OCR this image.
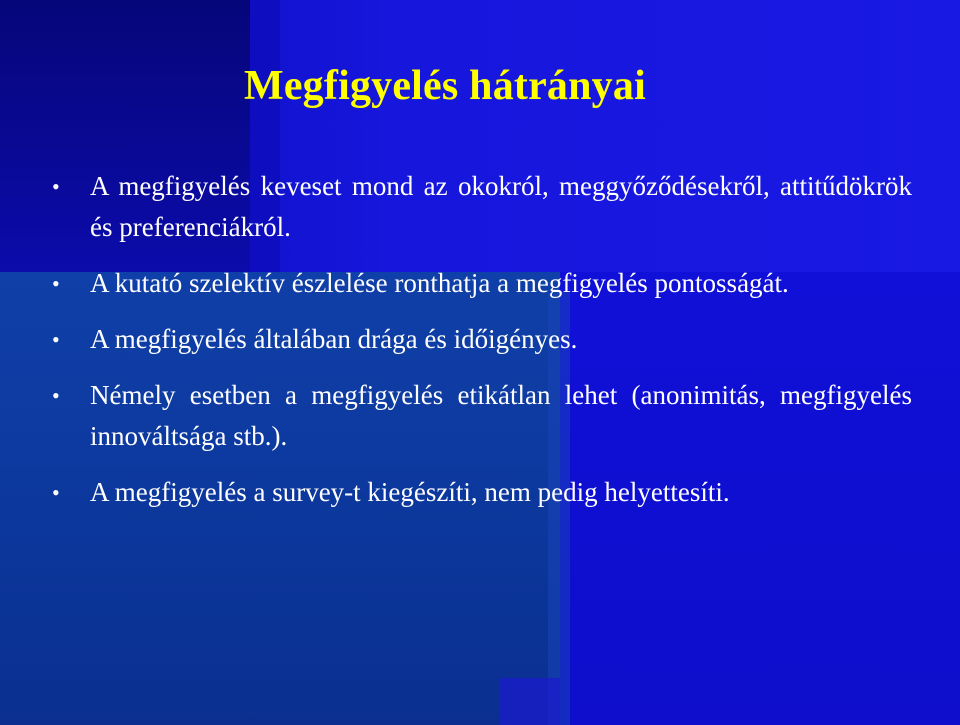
Megfigyelés hátrányai
• A megfigyelés keveset mond az okokról, meggyőződésekről, attitűdökrök és preferenciákról.
• A kutató szelektív észlelése ronthatja a megfigyelés pontosságát.
• A megfigyelés általában drága és időigényes.
• Némely esetben a megfigyelés etikátlan lehet (anonimitás, megfigyelés innováltsága stb.).
• A megfigyelés a survey-t kiegészíti, nem pedig helyettesíti.
